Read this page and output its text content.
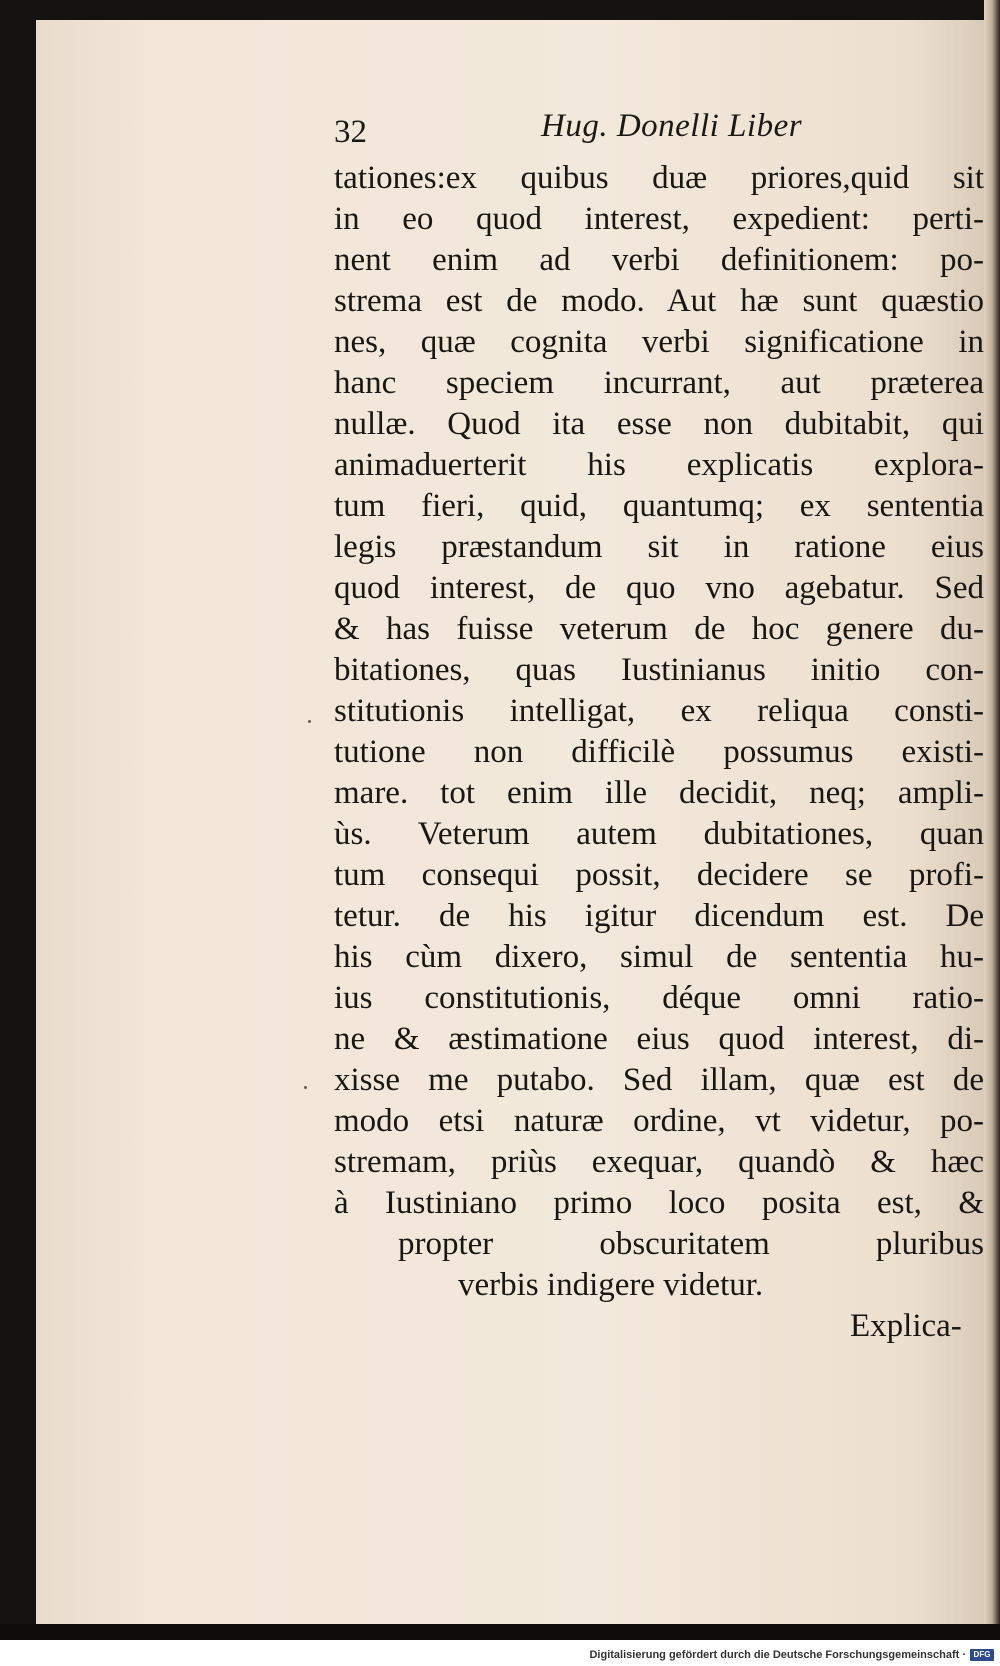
32	Hug. Donelli Liber
tationes:ex quibus duæ priores,quid sit
in eo quod interest, expedient: perti-
nent enim ad verbi definitionem: po-
strema est de modo. Aut hæ sunt quæstio
nes, quæ cognita verbi significatione in
hanc speciem incurrant, aut præterea
nullæ. Quod ita esse non dubitabit, qui
animaduerterit his explicatis explora-
tum fieri, quid, quantumq; ex sententia
legis præstandum sit in ratione eius
quod interest, de quo vno agebatur. Sed
& has fuisse veterum de hoc genere du-
bitationes, quas Iustinianus initio con-
stitutionis intelligat, ex reliqua consti-
tutione non difficilè possumus existi-
mare. tot enim ille decidit, neq; ampli-
ùs. Veterum autem dubitationes, quan
tum consequi possit, decidere se profi-
tetur. de his igitur dicendum est. De
his cùm dixero, simul de sententia hu-
ius constitutionis, déque omni ratio-
ne & æstimatione eius quod interest, di-
xisse me putabo. Sed illam, quæ est de
modo etsi naturæ ordine, vt videtur, po-
stremam, priùs exequar, quandò & hæc
à Iustiniano primo loco posita est, &
propter obscuritatem pluribus
verbis indigere videtur.
Explica-
Digitalisierung gefördert durch die Deutsche Forschungsgemeinschaft · DFG
